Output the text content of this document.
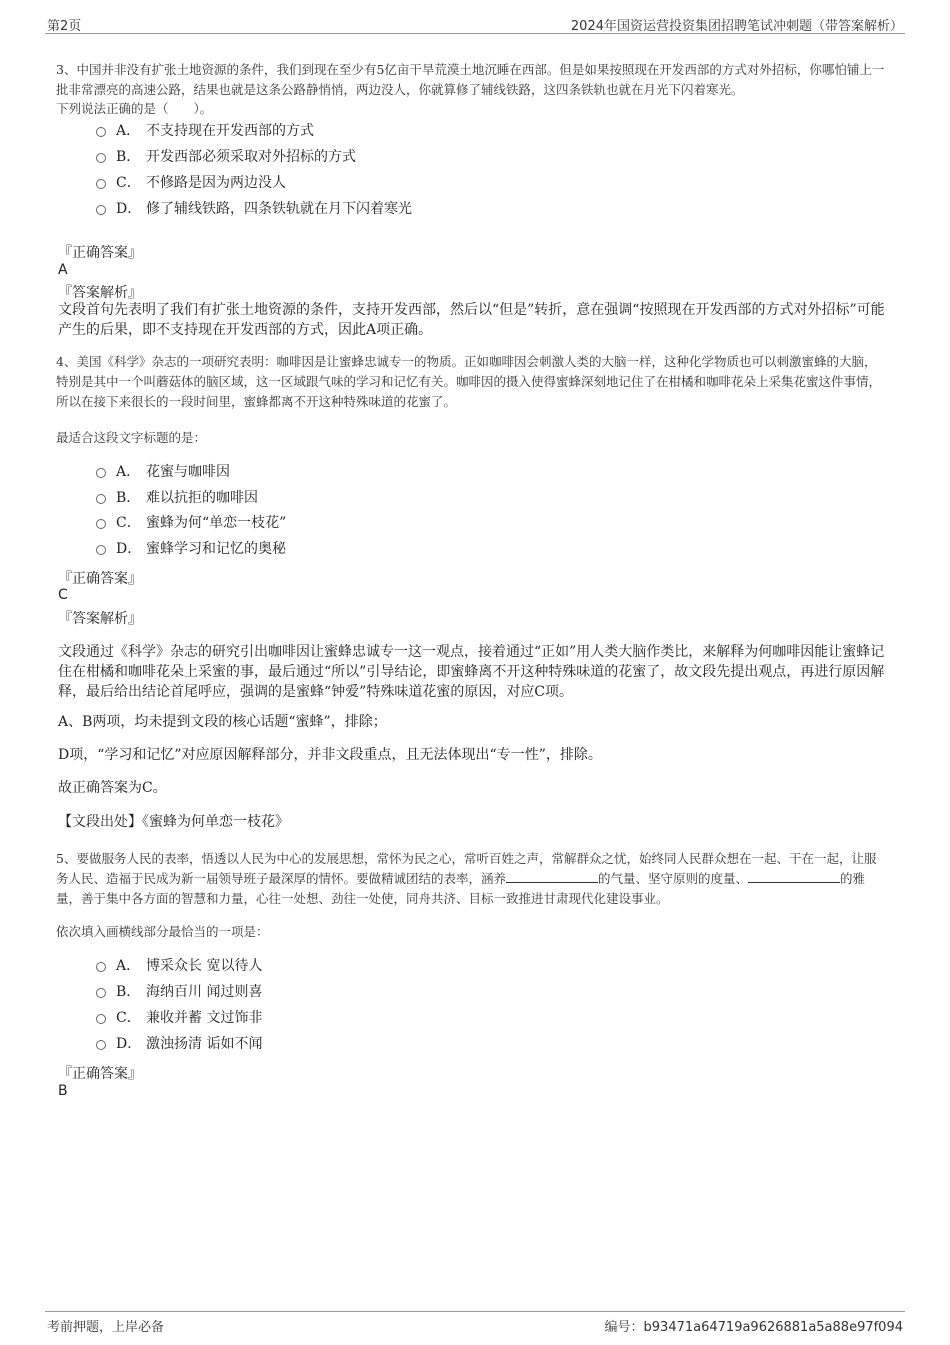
第2页	2024年国资运营投资集团招聘笔试冲刺题（带答案解析）
3、中国并非没有扩张土地资源的条件，我们到现在至少有5亿亩干旱荒漠土地沉睡在西部。但是如果按照现在开发西部的方式对外招标，你哪怕铺上一批非常漂亮的高速公路，结果也就是这条公路静悄悄，两边没人，你就算修了辅线铁路，这四条铁轨也就在月光下闪着寒光。
下列说法正确的是（　　）。
A． 不支持现在开发西部的方式
B． 开发西部必须采取对外招标的方式
C． 不修路是因为两边没人
D． 修了辅线铁路，四条铁轨就在月下闪着寒光
『正确答案』
A
『答案解析』
文段首句先表明了我们有扩张土地资源的条件，支持开发西部，然后以“但是”转折，意在强调“按照现在开发西部的方式对外招标”可能产生的后果，即不支持现在开发西部的方式，因此A项正确。
4、美国《科学》杂志的一项研究表明：咖啡因是让蜜蜂忠诚专一的物质。正如咖啡因会刺激人类的大脑一样，这种化学物质也可以刺激蜜蜂的大脑，特别是其中一个叫蘑菇体的脑区域，这一区域跟气味的学习和记忆有关。咖啡因的摄入使得蜜蜂深刻地记住了在柑橘和咖啡花朵上采集花蜜这件事情，所以在接下来很长的一段时间里，蜜蜂都离不开这种特殊味道的花蜜了。
最适合这段文字标题的是：
A． 花蜜与咖啡因
B． 难以抗拒的咖啡因
C． 蜜蜂为何“单恋一枝花”
D． 蜜蜂学习和记忆的奥秘
『正确答案』
C
『答案解析』
文段通过《科学》杂志的研究引出咖啡因让蜜蜂忠诚专一这一观点，接着通过“正如”用人类大脑作类比，来解释为何咖啡因能让蜜蜂记住在柑橘和咖啡花朵上采蜜的事，最后通过“所以”引导结论，即蜜蜂离不开这种特殊味道的花蜜了，故文段先提出观点，再进行原因解释，最后给出结论首尾呼应，强调的是蜜蜂“钟爱”特殊味道花蜜的原因，对应C项。
A、B两项，均未提到文段的核心话题“蜜蜂”，排除；
D项，“学习和记忆”对应原因解释部分，并非文段重点，且无法体现出“专一性”，排除。
故正确答案为C。
【文段出处】《蜜蜂为何单恋一枝花》
5、要做服务人民的表率，悟透以人民为中心的发展思想，常怀为民之心，常听百姓之声，常解群众之忧，始终同人民群众想在一起、干在一起，让服务人民、造福于民成为新一届领导班子最深厚的情怀。要做精诚团结的表率，涵养	的气量、坚守原则的度量、	的雅量，善于集中各方面的智慧和力量，心往一处想、劲往一处使，同舟共济、目标一致推进甘肃现代化建设事业。
依次填入画横线部分最恰当的一项是：
A． 博采众长 宽以待人
B． 海纳百川 闻过则喜
C． 兼收并蓄 文过饰非
D． 激浊扬清 诟如不闻
『正确答案』
B
考前押题，上岸必备	编号：b93471a64719a9626881a5a88e97f094
